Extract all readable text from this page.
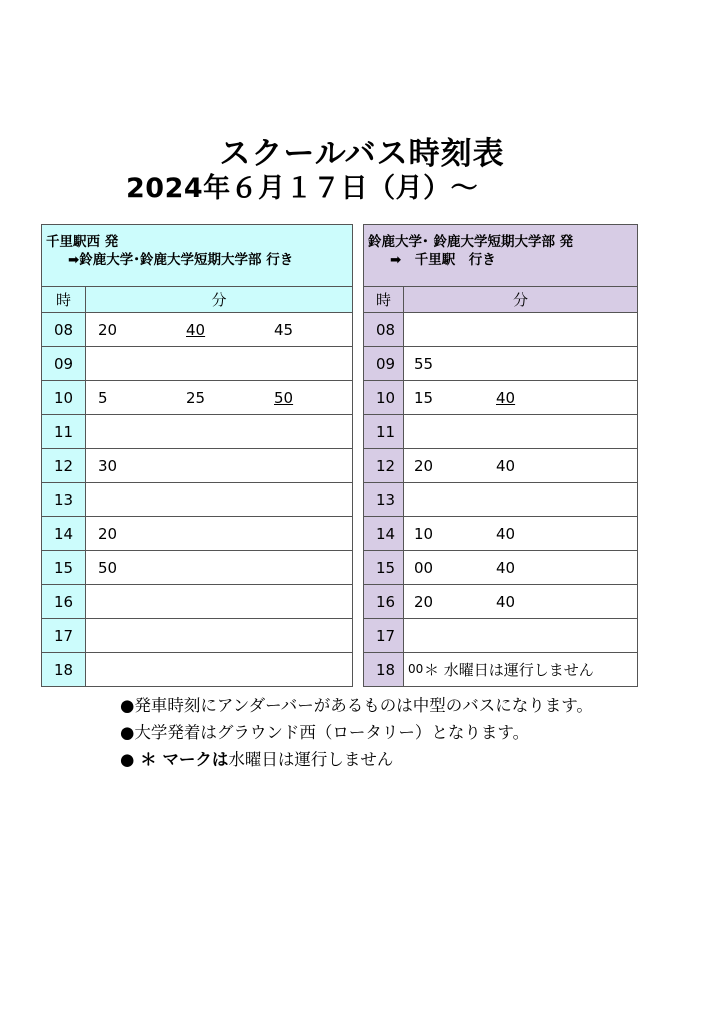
スクールバス時刻表
2024年６月１７日（月）～
千里駅西 発
➡鈴鹿大学･鈴鹿大学短期大学部 行き	

時	分
08	20 40 45

09	
10	5 25 50

11	
12	30

13	
14	20

15	50

16	
17	
18	
鈴鹿大学･ 鈴鹿大学短期大学部 発
➡　千里駅　行き	

時	分
08	
09	55

10	15 40

11	
12	20 40

13	
14	10 40

15	00 40

16	20 40

17	
18	00 ＊ 水曜日は運行しません
●発車時刻にアンダーバーがあるものは中型のバスになります。
●大学発着はグラウンド西（ロータリー）となります。
● ＊ マークは水曜日は運行しません
